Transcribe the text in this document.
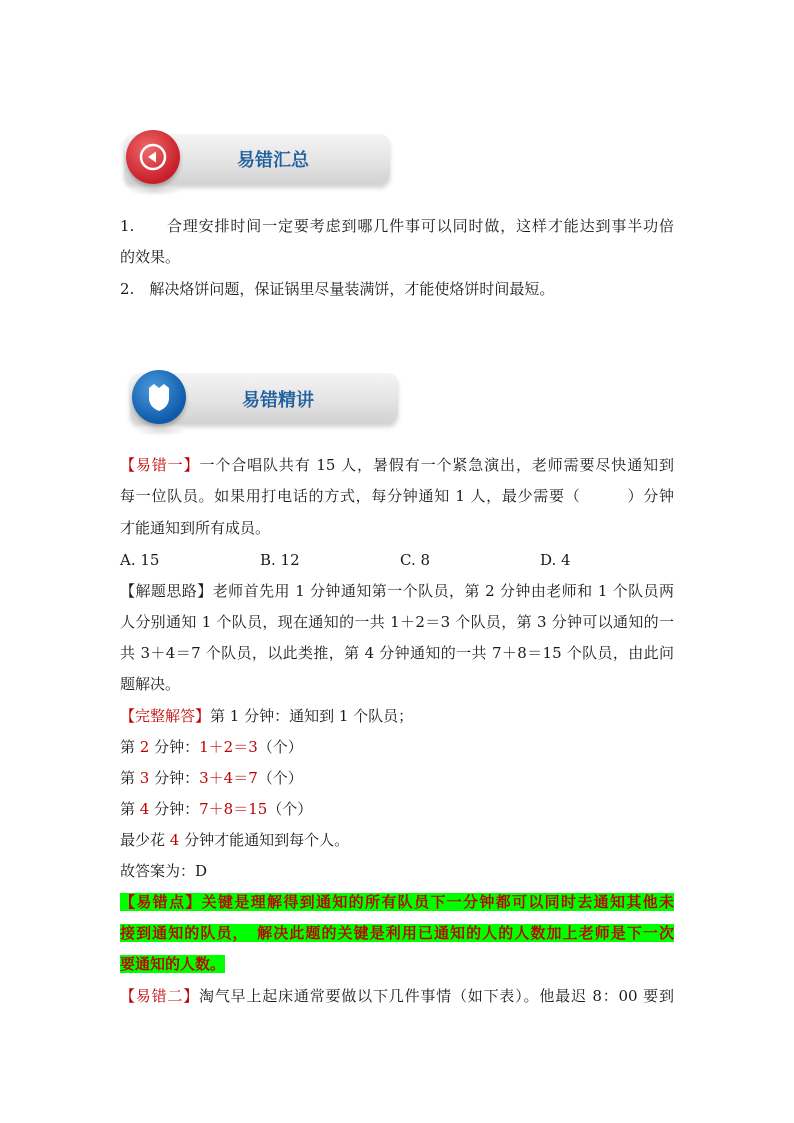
易错汇总
1.　　 合理安排时间一定要考虑到哪几件事可以同时做，这样才能达到事半功倍
的效果。
2.　 解决烙饼问题，保证锅里尽量装满饼，才能使烙饼时间最短。
易错精讲
【易错一】一个合唱队共有 15 人，暑假有一个紧急演出，老师需要尽快通知到
每一位队员。如果用打电话的方式，每分钟通知 1 人，最少需要（　　　）分钟
才能通知到所有成员。
A. 15	B. 12	C. 8	D. 4
【解题思路】老师首先用 1 分钟通知第一个队员，第 2 分钟由老师和 1 个队员两
人分别通知 1 个队员，现在通知的一共 1＋2＝3 个队员，第 3 分钟可以通知的一
共 3＋4＝7 个队员，以此类推，第 4 分钟通知的一共 7＋8＝15 个队员，由此问
题解决。
【完整解答】第 1 分钟：通知到 1 个队员；
第 2 分钟：1＋2＝3（个）
第 3 分钟：3＋4＝7（个）
第 4 分钟：7＋8＝15（个）
最少花 4 分钟才能通知到每个人。
故答案为：D
【易错点】关键是理解得到通知的所有队员下一分钟都可以同时去通知其他未
接到通知的队员，　解决此题的关键是利用已通知的人的人数加上老师是下一次
要通知的人数。
【易错二】淘气早上起床通常要做以下几件事情（如下表）。他最迟 8：00 要到
